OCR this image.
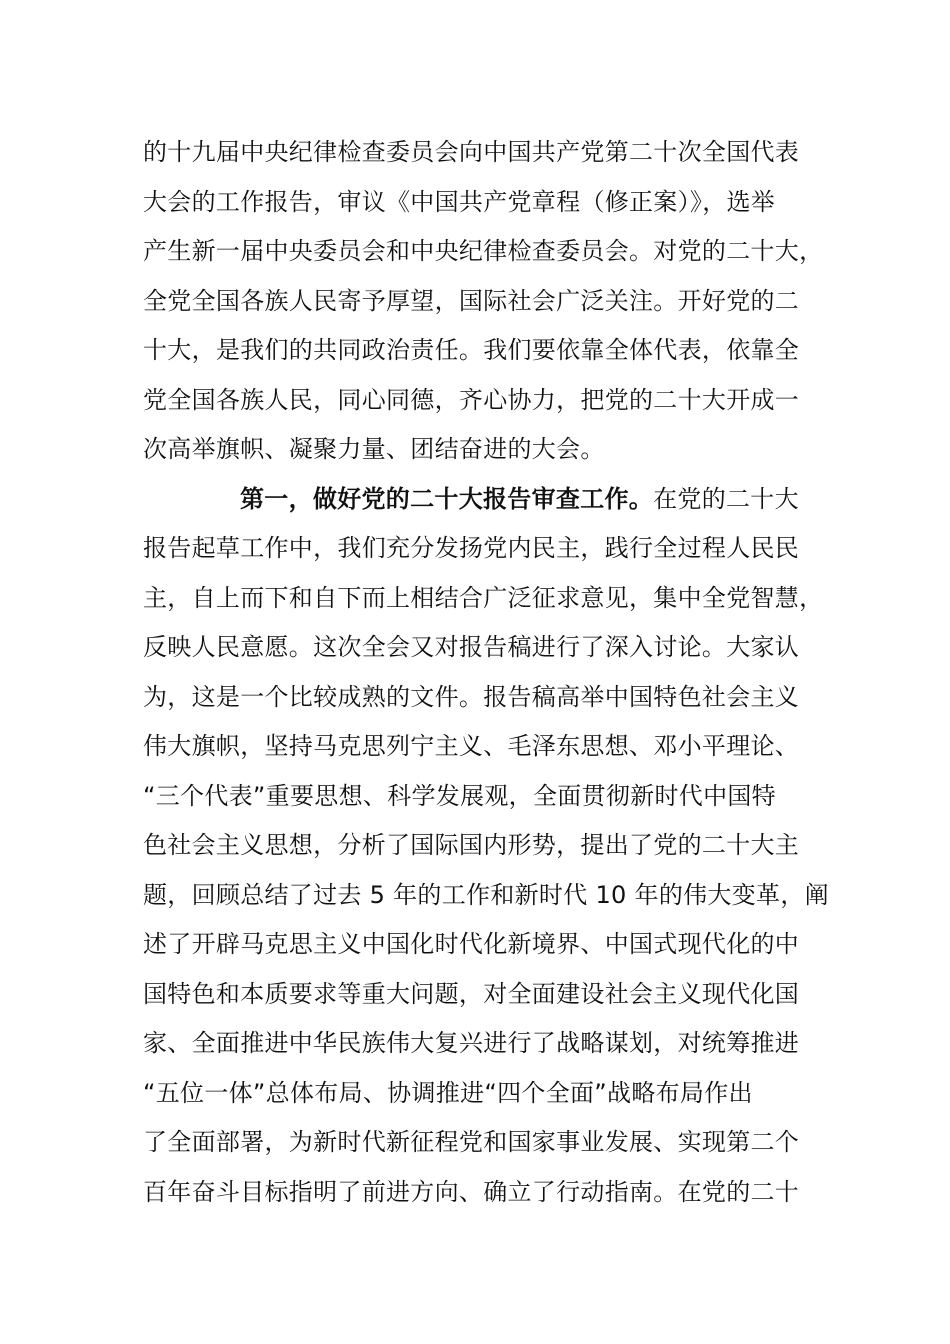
的十九届中央纪律检查委员会向中国共产党第二十次全国代表
大会的工作报告，审议《中国共产党章程（修正案）》，选举
产生新一届中央委员会和中央纪律检查委员会。对党的二十大，
全党全国各族人民寄予厚望，国际社会广泛关注。开好党的二
十大，是我们的共同政治责任。我们要依靠全体代表，依靠全
党全国各族人民，同心同德，齐心协力，把党的二十大开成一
次高举旗帜、凝聚力量、团结奋进的大会。
第一，做好党的二十大报告审查工作。在党的二十大
报告起草工作中，我们充分发扬党内民主，践行全过程人民民
主，自上而下和自下而上相结合广泛征求意见，集中全党智慧，
反映人民意愿。这次全会又对报告稿进行了深入讨论。大家认
为，这是一个比较成熟的文件。报告稿高举中国特色社会主义
伟大旗帜，坚持马克思列宁主义、毛泽东思想、邓小平理论、
“三个代表”重要思想、科学发展观，全面贯彻新时代中国特
色社会主义思想，分析了国际国内形势，提出了党的二十大主
题，回顾总结了过去 5 年的工作和新时代 10 年的伟大变革，阐
述了开辟马克思主义中国化时代化新境界、中国式现代化的中
国特色和本质要求等重大问题，对全面建设社会主义现代化国
家、全面推进中华民族伟大复兴进行了战略谋划，对统筹推进
“五位一体”总体布局、协调推进“四个全面”战略布局作出
了全面部署，为新时代新征程党和国家事业发展、实现第二个
百年奋斗目标指明了前进方向、确立了行动指南。在党的二十
